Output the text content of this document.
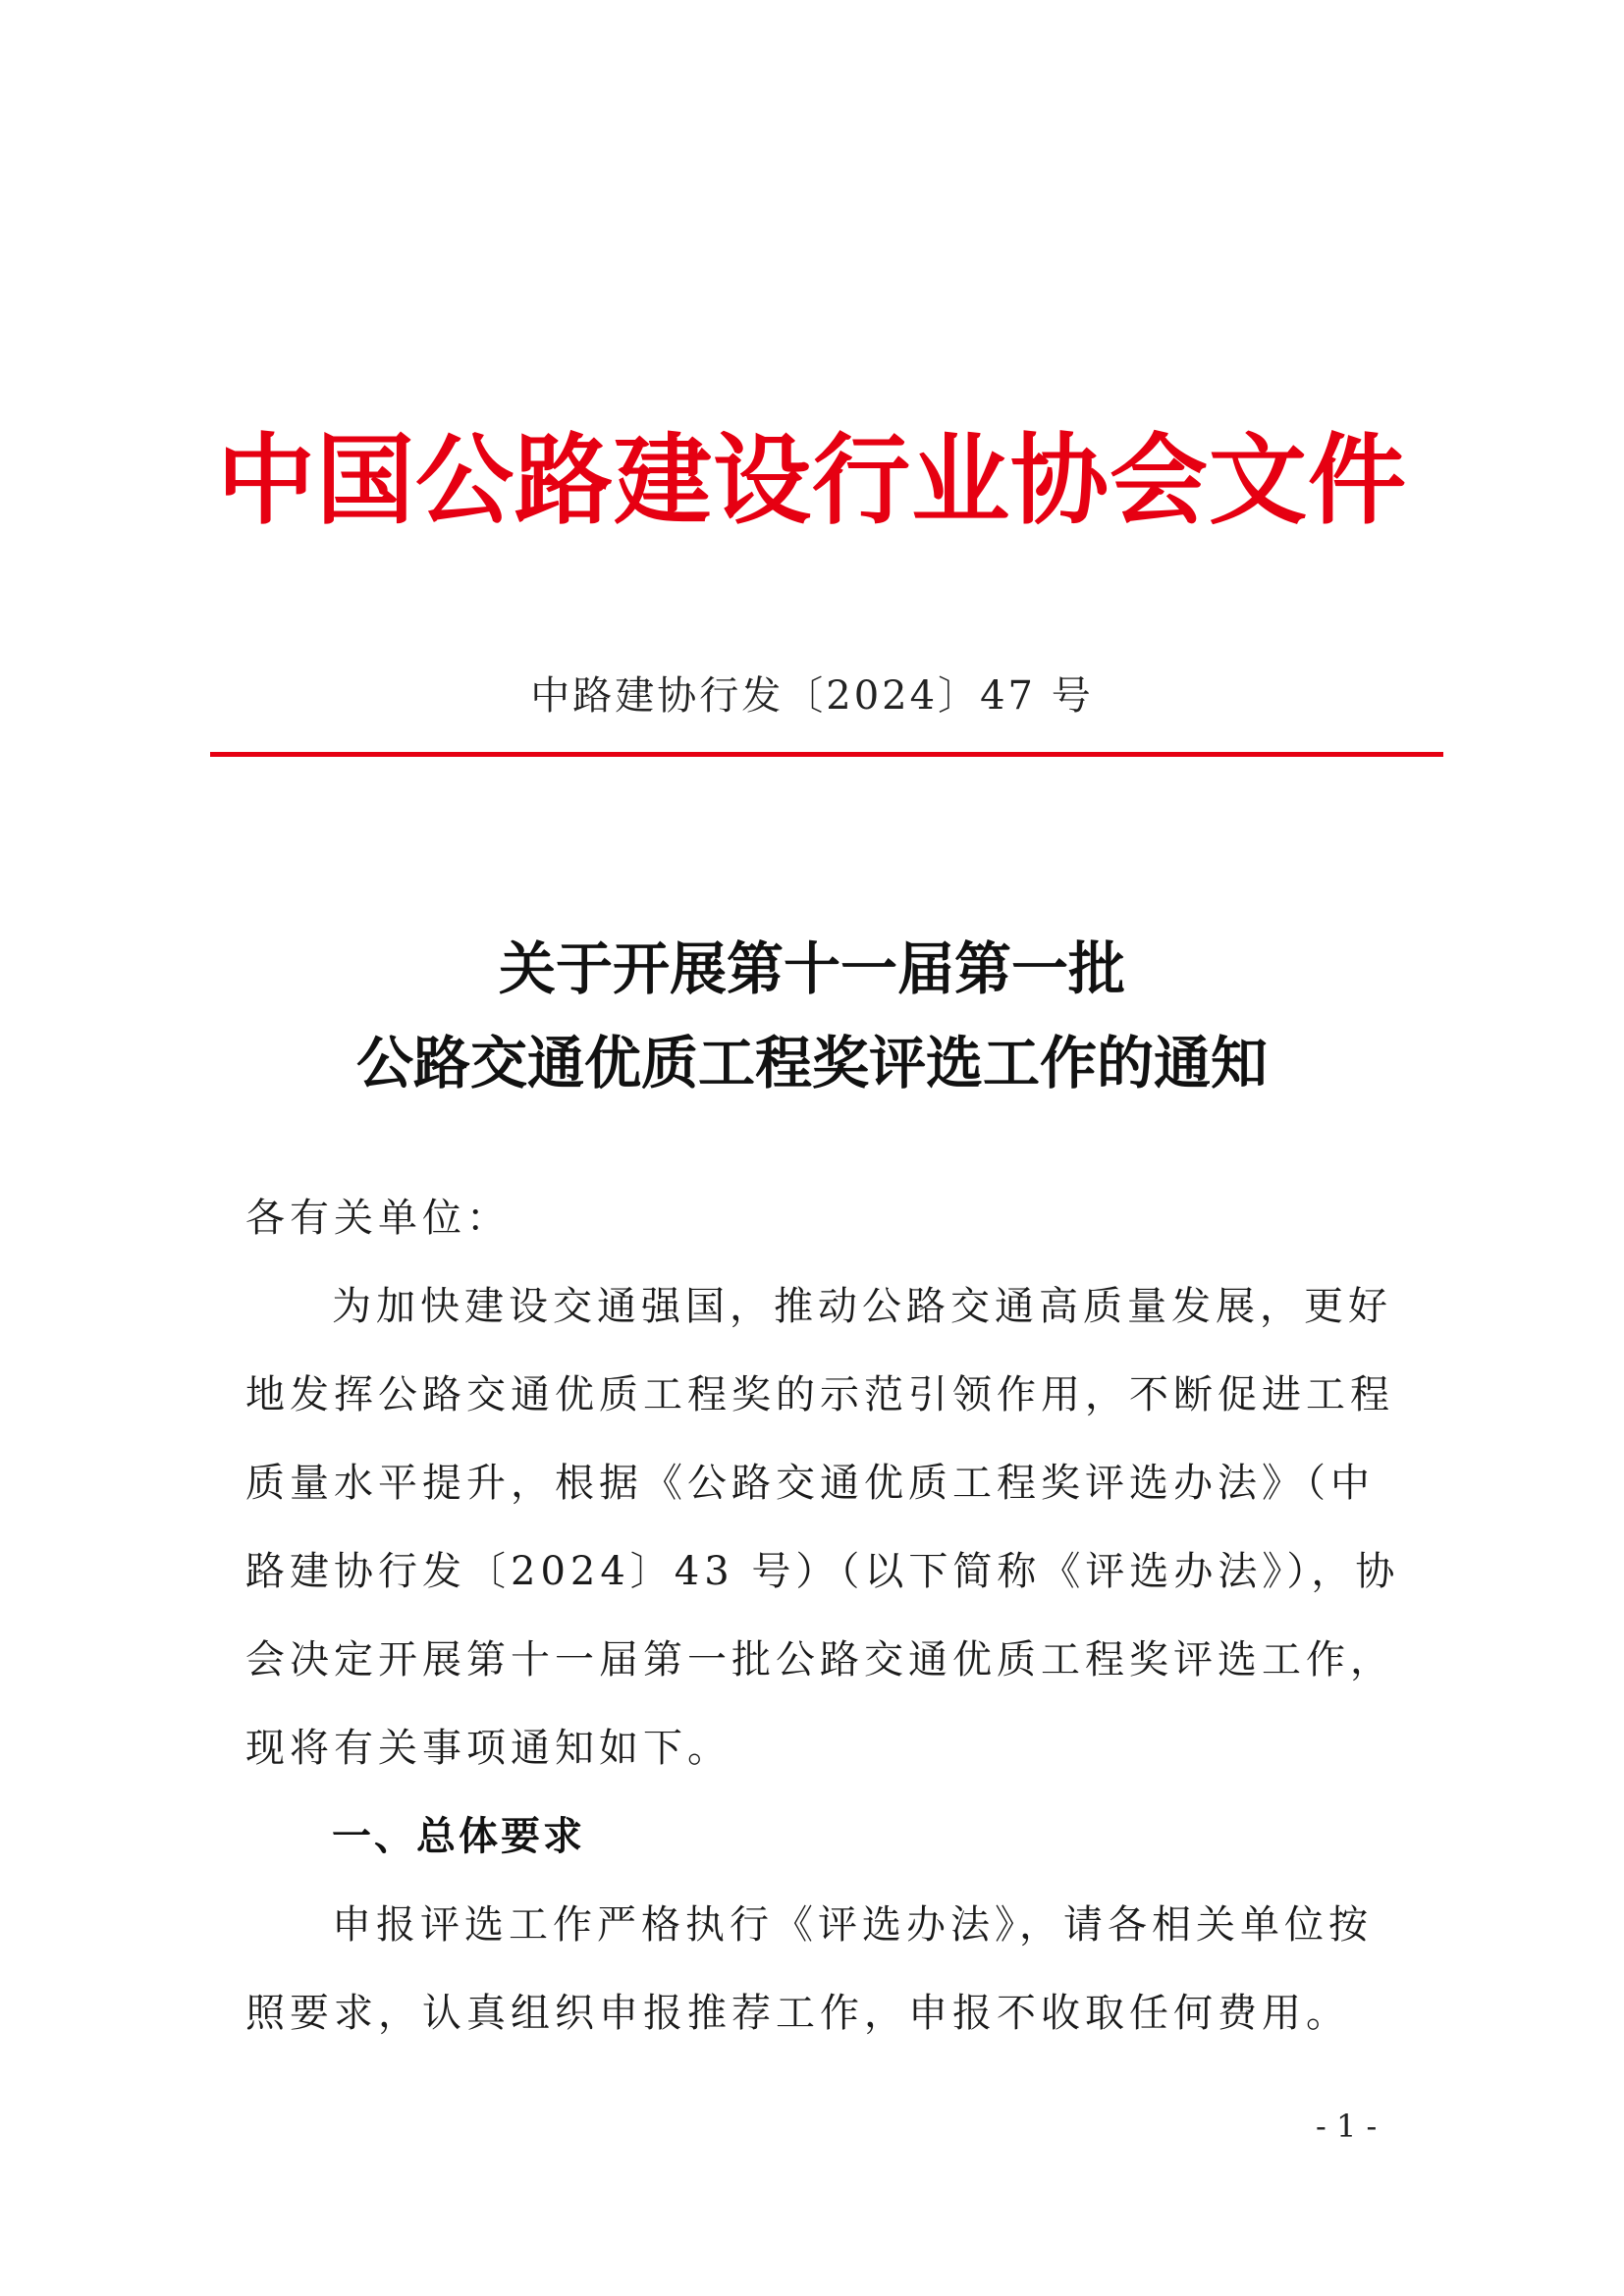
中国公路建设行业协会文件
中路建协行发〔2024〕47 号
关于开展第十一届第一批
公路交通优质工程奖评选工作的通知
各有关单位：
为加快建设交通强国，推动公路交通高质量发展，更好
地发挥公路交通优质工程奖的示范引领作用，不断促进工程
质量水平提升，根据《公路交通优质工程奖评选办法》（中
路建协行发〔2024〕43 号）（以下简称《评选办法》），协
会决定开展第十一届第一批公路交通优质工程奖评选工作，
现将有关事项通知如下。
一、总体要求
申报评选工作严格执行《评选办法》，请各相关单位按
照要求，认真组织申报推荐工作，申报不收取任何费用。
- 1 -
